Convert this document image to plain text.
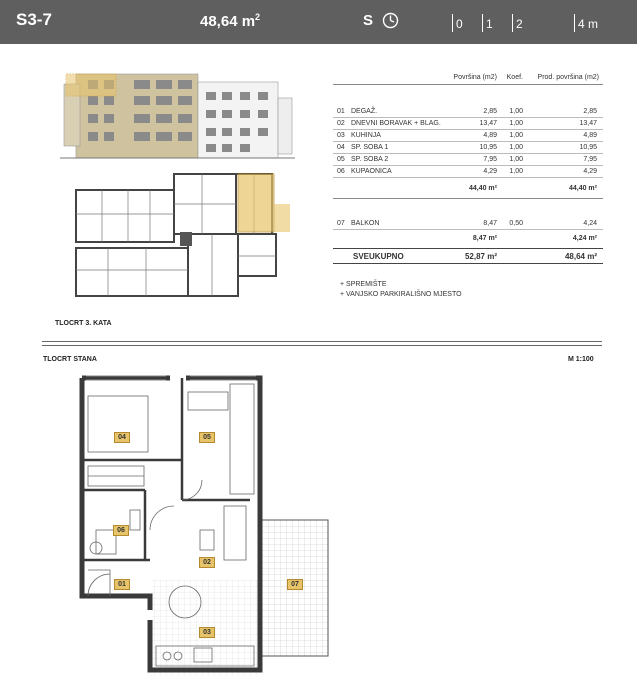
S3-7	48,64 $m^2$	S	0	1	2	4 m
Površina (m2) Koef. Prod. površina (m2)
01 DEGAŽ.	2,85 1,00	2,85
02 DNEVNI BORAVAK + BLAG.	13,47 1,00	13,47
03 KUHINJA	4,89 1,00	4,89
04 SP. SOBA 1	10,95 1,00	10,95
05 SP. SOBA 2	7,95 1,00	7,95
06 KUPAONICA	4,29 1,00	4,29
44,40 m²	44,40 m²
07 BALKON	8,47 0,50	4,24
8,47 m²	4,24 m²
SVEUKUPNO	52,87 m²	48,64 m²
+ SPREMIŠTE
+ VANJSKO PARKIRALIŠNO MJESTO
TLOCRT 3. KATA
TLOCRT STANA	M 1:100
04	05
06
02
01	07
03
